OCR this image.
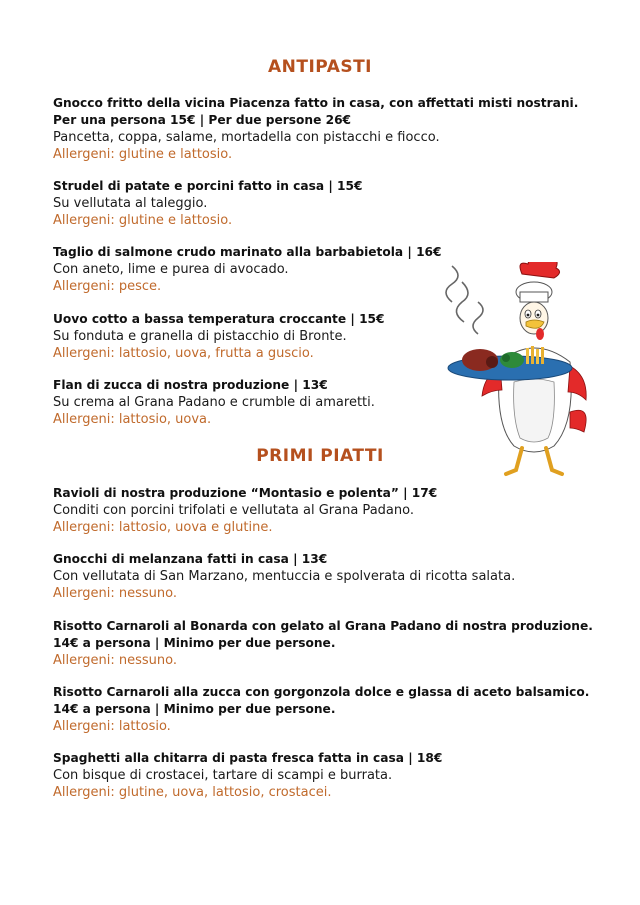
ANTIPASTI
Gnocco fritto della vicina Piacenza fatto in casa, con affettati misti nostrani.
Per una persona 15€ | Per due persone 26€
Pancetta, coppa, salame, mortadella con pistacchi e fiocco.
Allergeni: glutine e lattosio.
Strudel di patate e porcini fatto in casa | 15€
Su vellutata al taleggio.
Allergeni: glutine e lattosio.
Taglio di salmone crudo marinato alla barbabietola | 16€
Con aneto, lime e purea di avocado.
Allergeni: pesce.
Uovo cotto a bassa temperatura croccante | 15€
Su fonduta e granella di pistacchio di Bronte.
Allergeni: lattosio, uova, frutta a guscio.
Flan di zucca di nostra produzione | 13€
Su crema al Grana Padano e crumble di amaretti.
Allergeni: lattosio, uova.
PRIMI PIATTI
Ravioli di nostra produzione “Montasio e polenta” | 17€
Conditi con porcini trifolati e vellutata al Grana Padano.
Allergeni: lattosio, uova e glutine.
Gnocchi di melanzana fatti in casa | 13€
Con vellutata di San Marzano, mentuccia e spolverata di ricotta salata.
Allergeni: nessuno.
Risotto Carnaroli al Bonarda con gelato al Grana Padano di nostra produzione.
14€ a persona | Minimo per due persone.
Allergeni: nessuno.
Risotto Carnaroli alla zucca con gorgonzola dolce e glassa di aceto balsamico.
14€ a persona | Minimo per due persone.
Allergeni: lattosio.
Spaghetti alla chitarra di pasta fresca fatta in casa | 18€
Con bisque di crostacei, tartare di scampi e burrata.
Allergeni: glutine, uova, lattosio, crostacei.
